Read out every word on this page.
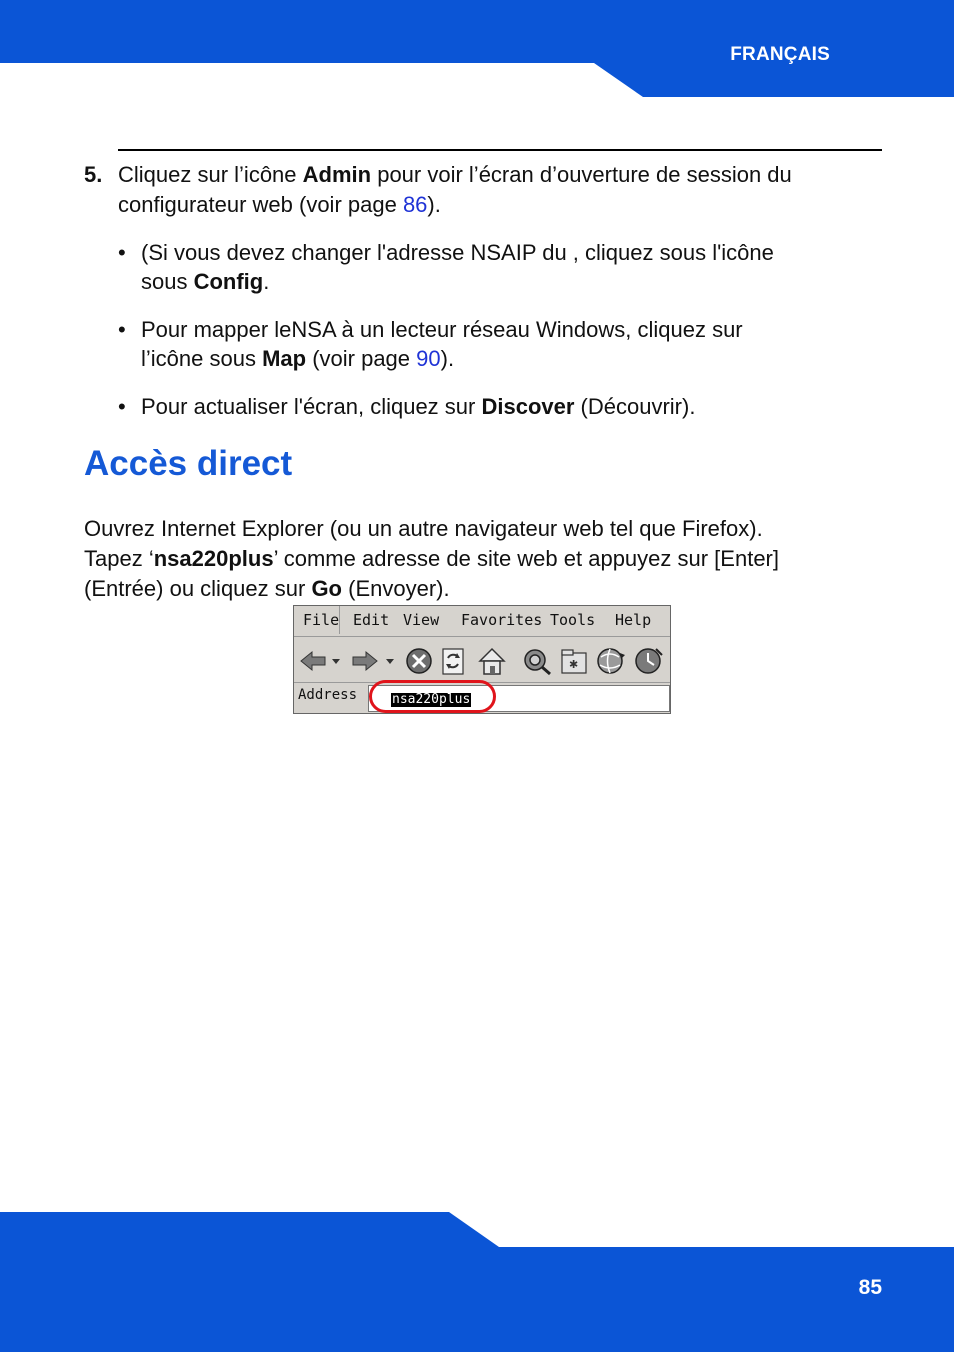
FRANÇAIS
5. Cliquez sur l’icône Admin pour voir l’écran d’ouverture de session du
configurateur web (voir page 86).
• (Si vous devez changer l'adresse NSAIP du , cliquez sous l'icône
sous Config.
• Pour mapper leNSA à un lecteur réseau Windows, cliquez sur
l’icône sous Map (voir page 90).
• Pour actualiser l'écran, cliquez sur Discover (Découvrir).
Accès direct
Ouvrez Internet Explorer (ou un autre navigateur web tel que Firefox).
Tapez ‘nsa220plus’ comme adresse de site web et appuyez sur [Enter]
(Entrée) ou cliquez sur Go (Envoyer).
File Edit View Favorites Tools Help
✱
Address	nsa220plus
85
